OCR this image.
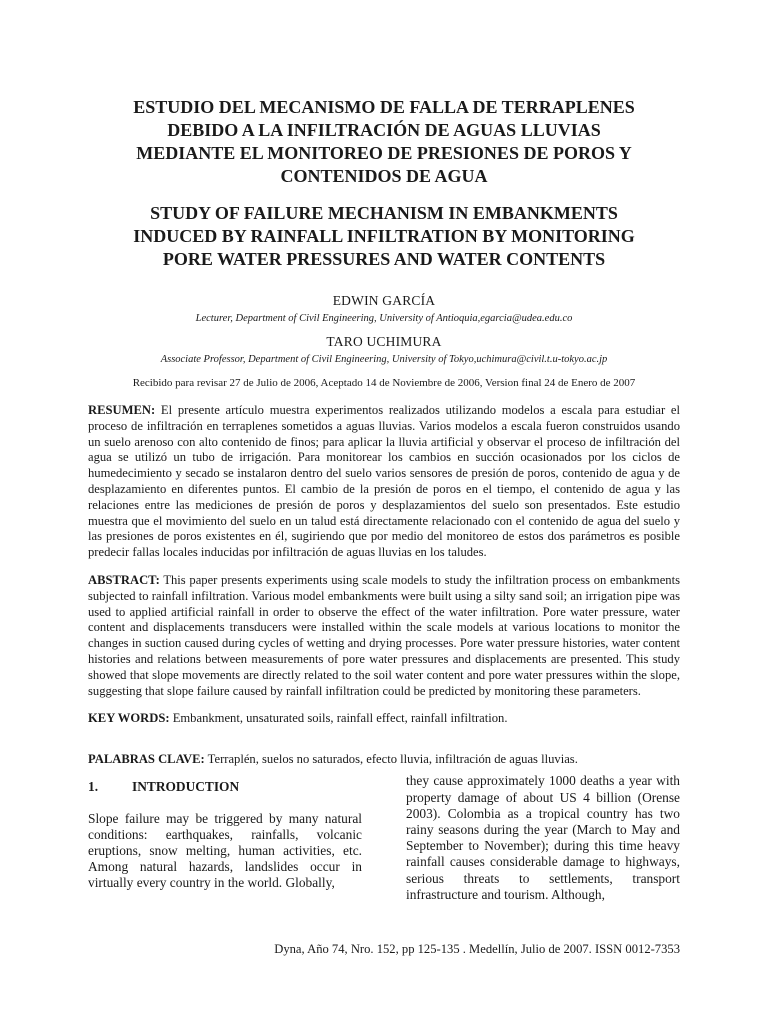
ESTUDIO DEL MECANISMO DE FALLA DE TERRAPLENES
DEBIDO A LA INFILTRACIÓN DE AGUAS LLUVIAS
MEDIANTE EL MONITOREO DE PRESIONES DE POROS Y
CONTENIDOS DE AGUA
STUDY OF FAILURE MECHANISM IN EMBANKMENTS
INDUCED BY RAINFALL INFILTRATION BY MONITORING
PORE WATER PRESSURES AND WATER CONTENTS
EDWIN GARCÍA
Lecturer, Department of Civil Engineering, University of Antioquia,egarcia@udea.edu.co
TARO UCHIMURA
Associate Professor, Department of Civil Engineering, University of Tokyo,uchimura@civil.t.u-tokyo.ac.jp
Recibido para revisar 27 de Julio de 2006, Aceptado 14 de Noviembre de 2006, Version final 24 de Enero de 2007
RESUMEN: El presente artículo muestra experimentos realizados utilizando modelos a escala para estudiar el proceso de infiltración en terraplenes sometidos a aguas lluvias. Varios modelos a escala fueron construidos usando un suelo arenoso con alto contenido de finos; para aplicar la lluvia artificial y observar el proceso de infiltración del agua se utilizó un tubo de irrigación. Para monitorear los cambios en succión ocasionados por los ciclos de humedecimiento y secado se instalaron dentro del suelo varios sensores de presión de poros, contenido de agua y de desplazamiento en diferentes puntos. El cambio de la presión de poros en el tiempo, el contenido de agua y las relaciones entre las mediciones de presión de poros y desplazamientos del suelo son presentados. Este estudio muestra que el movimiento del suelo en un talud está directamente relacionado con el contenido de agua del suelo y las presiones de poros existentes en él, sugiriendo que por medio del monitoreo de estos dos parámetros es posible predecir fallas locales inducidas por infiltración de aguas lluvias en los taludes.
ABSTRACT: This paper presents experiments using scale models to study the infiltration process on embankments subjected to rainfall infiltration. Various model embankments were built using a silty sand soil; an irrigation pipe was used to applied artificial rainfall in order to observe the effect of the water infiltration. Pore water pressure, water content and displacements transducers were installed within the scale models at various locations to monitor the changes in suction caused during cycles of wetting and drying processes. Pore water pressure histories, water content histories and relations between measurements of pore water pressures and displacements are presented. This study showed that slope movements are directly related to the soil water content and pore water pressures within the slope, suggesting that slope failure caused by rainfall infiltration could be predicted by monitoring these parameters.
KEY WORDS: Embankment, unsaturated soils, rainfall effect, rainfall infiltration.
PALABRAS CLAVE: Terraplén, suelos no saturados, efecto lluvia, infiltración de aguas lluvias.
1.	INTRODUCTION

Slope failure may be triggered by many natural conditions: earthquakes, rainfalls, volcanic eruptions, snow melting, human activities, etc. Among natural hazards, landslides occur in virtually every country in the world. Globally,

they cause approximately 1000 deaths a year with property damage of about US 4 billion (Orense 2003). Colombia as a tropical country has two rainy seasons during the year (March to May and September to November); during this time heavy rainfall causes considerable damage to highways, serious threats to settlements, transport infrastructure and tourism. Although,

Dyna, Año 74, Nro. 152, pp 125-135 . Medellín, Julio de 2007. ISSN 0012-7353
